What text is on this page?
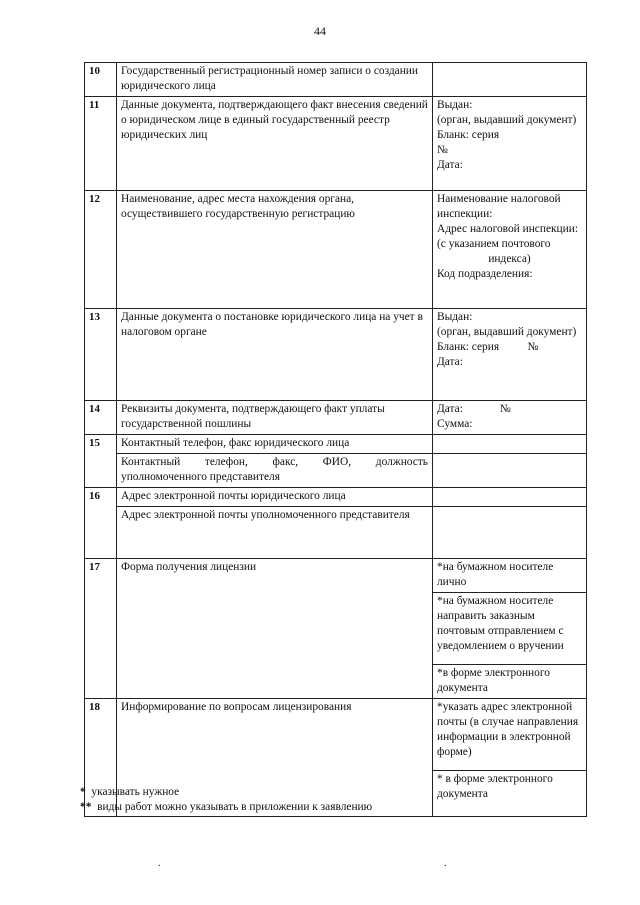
44
10	Государственный регистрационный номер записи о создании юридического лица	
11	Данные документа, подтверждающего факт внесения сведений о юридическом лице в единый государственный реестр юридических лиц	Выдан:
(орган, выдавший документ)
Бланк: серия
№
Дата:

12	Наименование, адрес места нахождения органа, осуществившего государственную регистрацию	Наименование налоговой инспекции:
Адрес налоговой инспекции:
(с указанием почтового
индекса)
Код подразделения:

13	Данные документа о постановке юридического лица на учет в налоговом органе	Выдан:
(орган, выдавший документ)
Бланк: серия          №
Дата:

14	Реквизиты документа, подтверждающего факт уплаты государственной пошлины	Дата:             №
Сумма:

15	Контактный телефон, факс юридического лица	

	Контактный телефон, факс, ФИО, должность уполномоченного представителя	

16	Адрес электронной почты юридического лица	
	Адрес электронной почты уполномоченного представителя	
17	Форма получения лицензии	*на бумажном носителе лично
		*на бумажном носителе направить заказным почтовым отправлением с уведомлением о вручении
		*в форме электронного документа
18	Информирование по вопросам лицензирования	*указать адрес электронной почты (в случае направления информации в электронной форме)
		* в форме электронного документа
* указывать нужное
** виды работ можно указывать в приложении к заявлению
.	.
